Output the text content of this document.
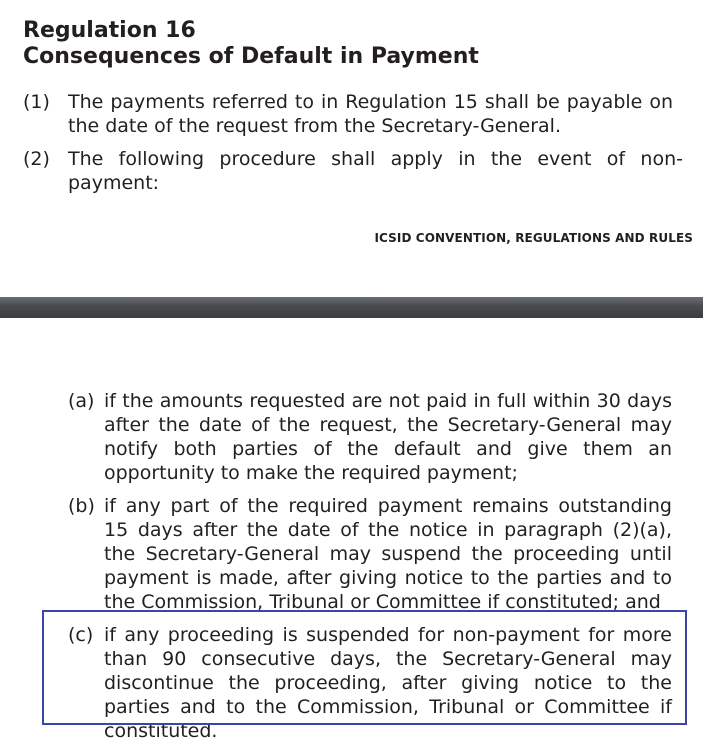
Regulation 16
Consequences of Default in Payment
(1) The payments referred to in Regulation 15 shall be payable on the date of the request from the Secretary-General.
(2) The following procedure shall apply in the event of non-payment:
ICSID CONVENTION, REGULATIONS AND RULES
(a) if the amounts requested are not paid in full within 30 days after the date of the request, the Secretary-General may notify both parties of the default and give them an opportunity to make the required payment;
(b) if any part of the required payment remains outstanding 15 days after the date of the notice in paragraph (2)(a), the Secretary-General may suspend the proceeding until payment is made, after giving notice to the parties and to the Commission, Tribunal or Committee if constituted; and
(c) if any proceeding is suspended for non-payment for more than 90 consecutive days, the Secretary-General may discontinue the proceeding, after giving notice to the parties and to the Commission, Tribunal or Committee if constituted.
